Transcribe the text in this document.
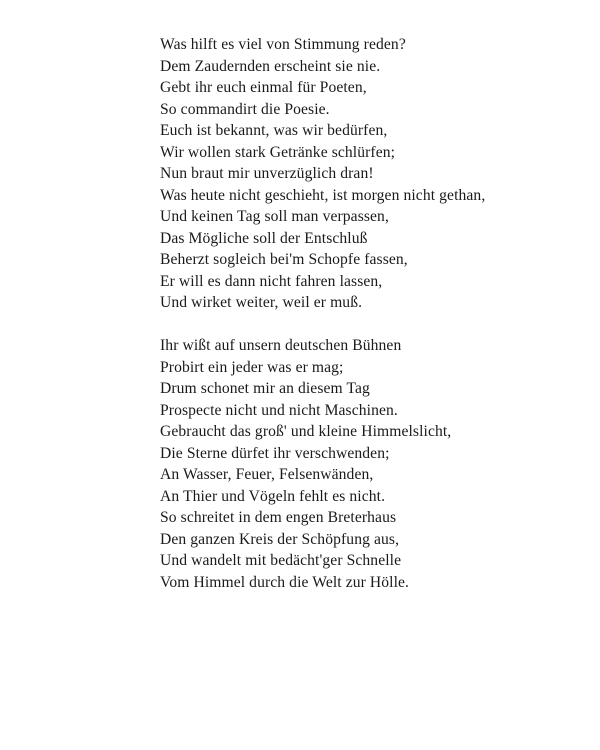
Was hilft es viel von Stimmung reden?
Dem Zaudernden erscheint sie nie.
Gebt ihr euch einmal für Poeten,
So commandirt die Poesie.
Euch ist bekannt, was wir bedürfen,
Wir wollen stark Getränke schlürfen;
Nun braut mir unverzüglich dran!
Was heute nicht geschieht, ist morgen nicht gethan,
Und keinen Tag soll man verpassen,
Das Mögliche soll der Entschluß
Beherzt sogleich bei'm Schopfe fassen,
Er will es dann nicht fahren lassen,
Und wirket weiter, weil er muß.

Ihr wißt auf unsern deutschen Bühnen
Probirt ein jeder was er mag;
Drum schonet mir an diesem Tag
Prospecte nicht und nicht Maschinen.
Gebraucht das groß' und kleine Himmelslicht,
Die Sterne dürfet ihr verschwenden;
An Wasser, Feuer, Felsenwänden,
An Thier und Vögeln fehlt es nicht.
So schreitet in dem engen Breterhaus
Den ganzen Kreis der Schöpfung aus,
Und wandelt mit bedächt'ger Schnelle
Vom Himmel durch die Welt zur Hölle.
